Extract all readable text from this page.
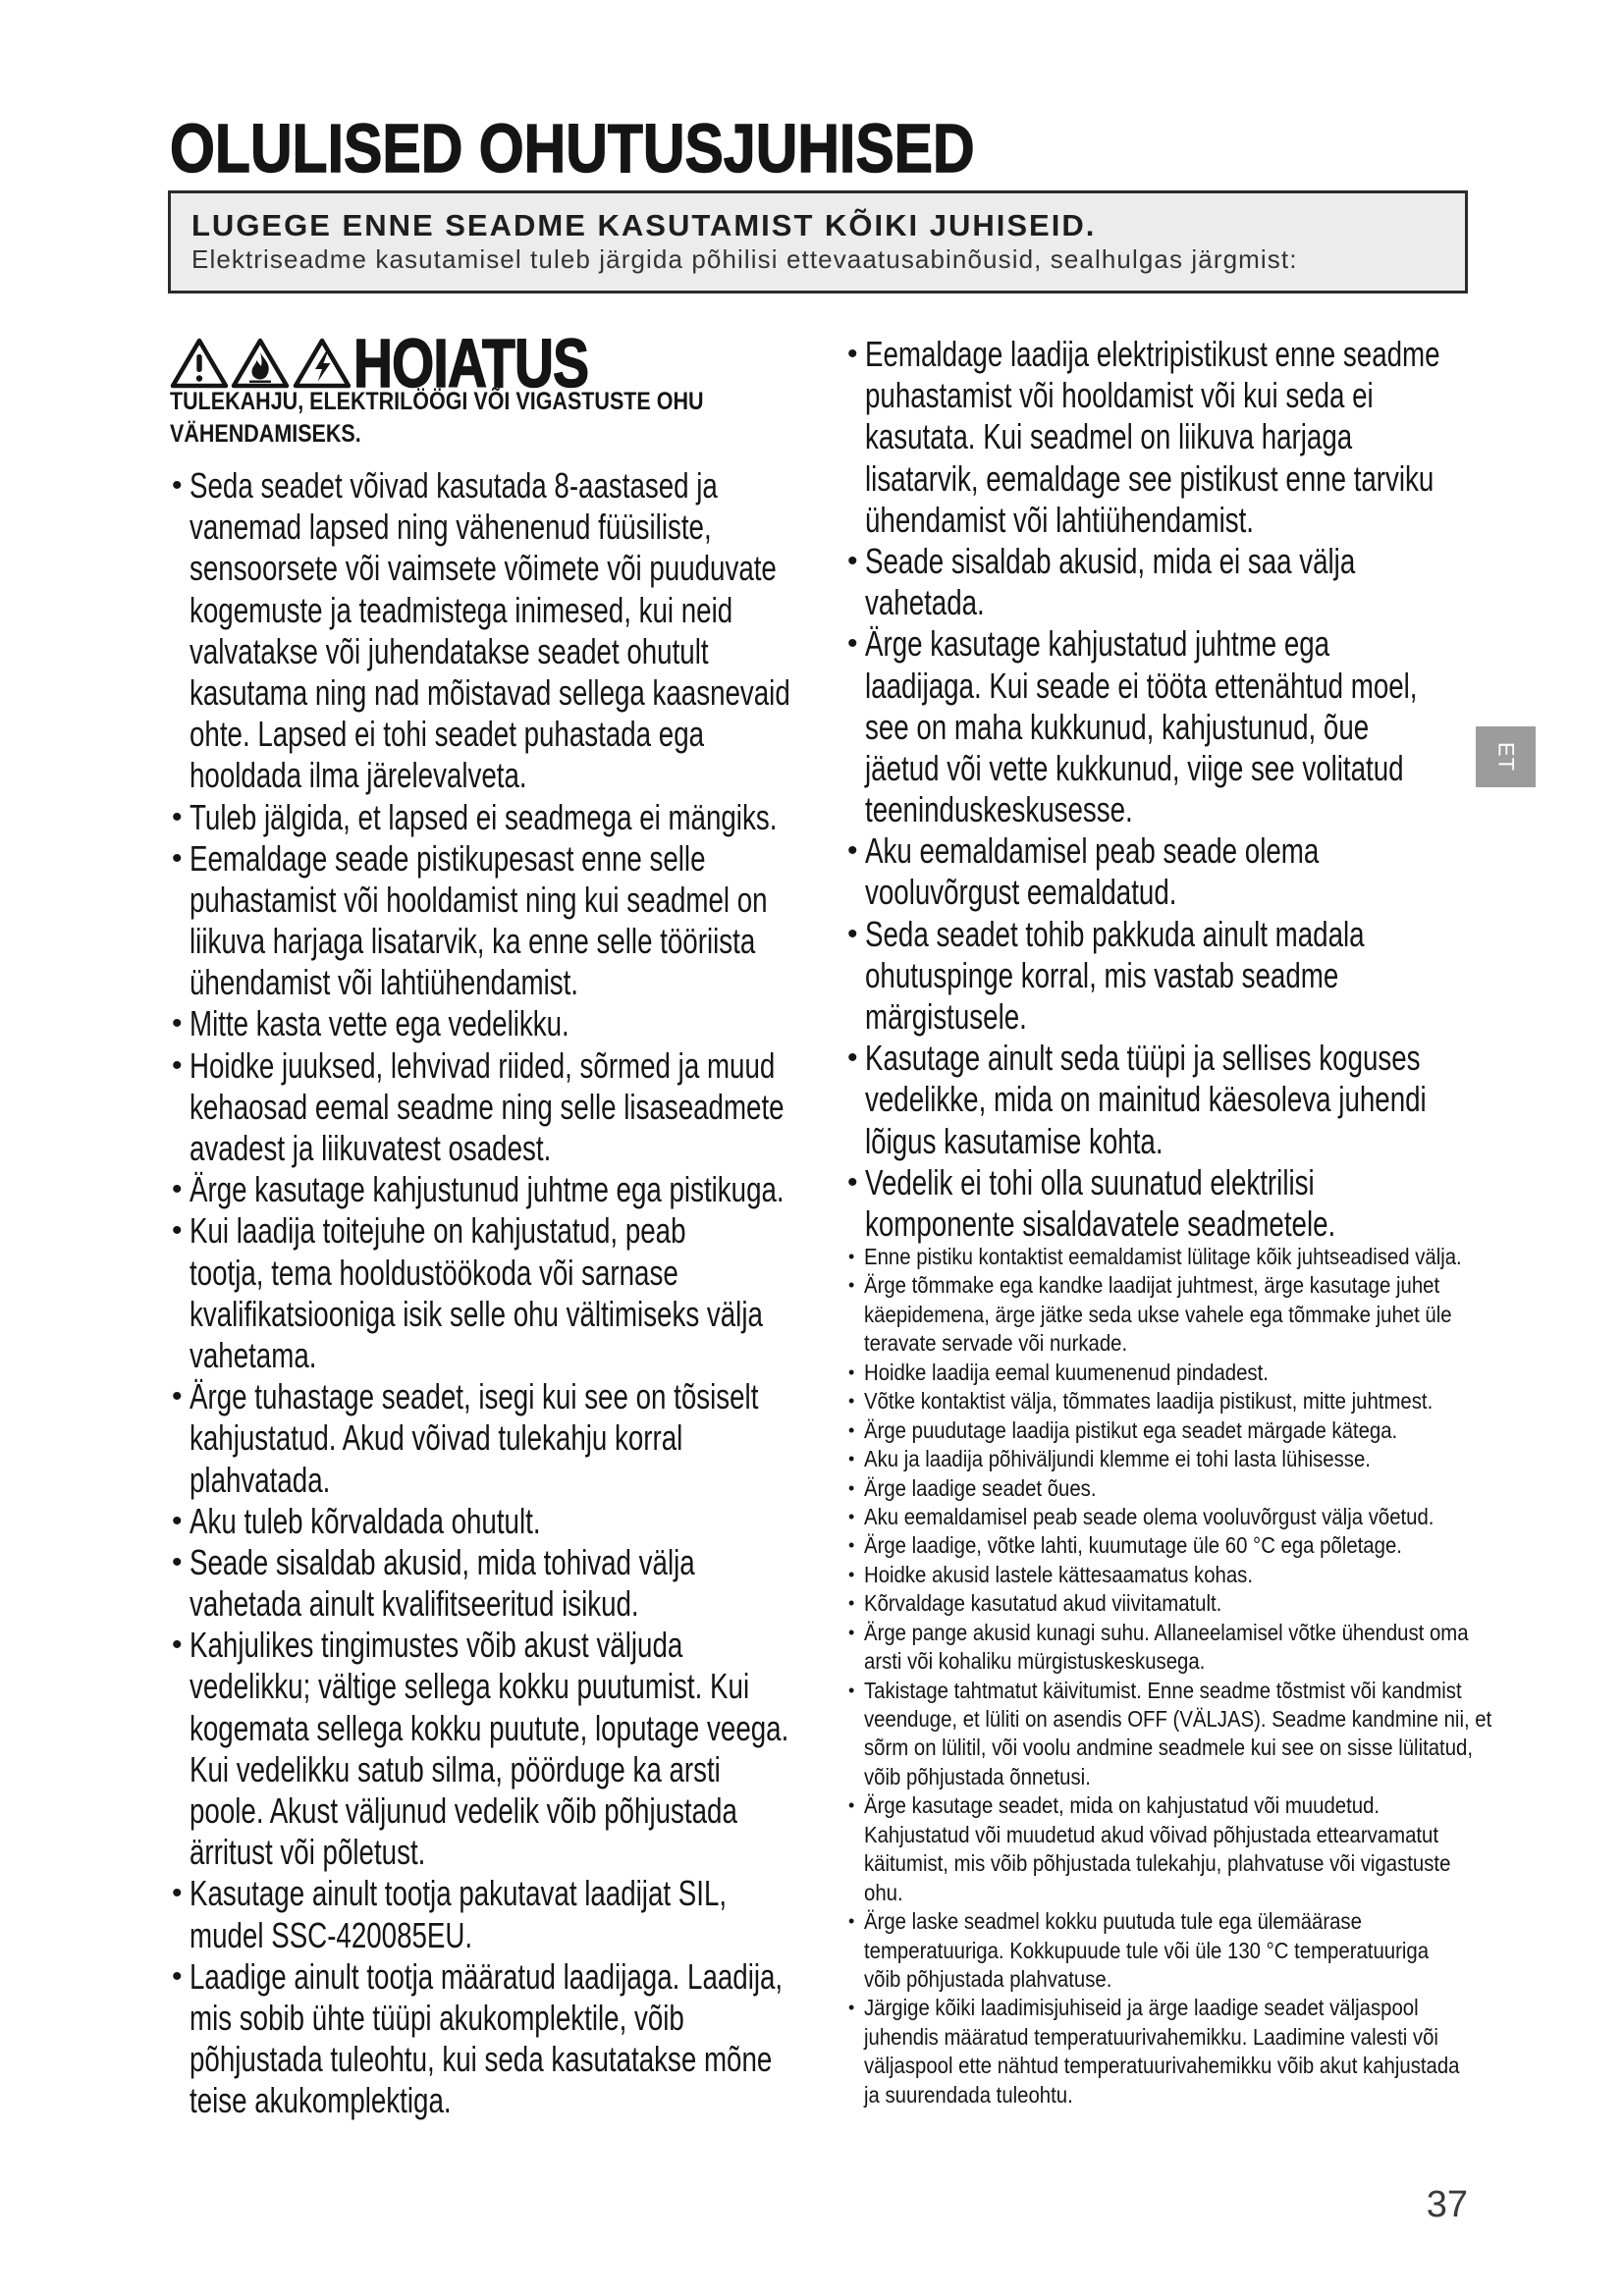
OLULISED OHUTUSJUHISED
LUGEGE ENNE SEADME KASUTAMIST KÕIKI JUHISEID.
Elektriseadme kasutamisel tuleb järgida põhilisi ettevaatusabinõusid, sealhulgas järgmist:
HOIATUS
TULEKAHJU, ELEKTRILÖÖGI VÕI VIGASTUSTE OHU
VÄHENDAMISEKS.
• Seda seadet võivad kasutada 8-aastased ja
vanemad lapsed ning vähenenud füüsiliste,
sensoorsete või vaimsete võimete või puuduvate
kogemuste ja teadmistega inimesed, kui neid
valvatakse või juhendatakse seadet ohutult
kasutama ning nad mõistavad sellega kaasnevaid
ohte. Lapsed ei tohi seadet puhastada ega
hooldada ilma järelevalveta.
• Tuleb jälgida, et lapsed ei seadmega ei mängiks.
• Eemaldage seade pistikupesast enne selle
puhastamist või hooldamist ning kui seadmel on
liikuva harjaga lisatarvik, ka enne selle tööriista
ühendamist või lahtiühendamist.
• Mitte kasta vette ega vedelikku.
• Hoidke juuksed, lehvivad riided, sõrmed ja muud
kehaosad eemal seadme ning selle lisaseadmete
avadest ja liikuvatest osadest.
• Ärge kasutage kahjustunud juhtme ega pistikuga.
• Kui laadija toitejuhe on kahjustatud, peab
tootja, tema hooldustöökoda või sarnase
kvalifikatsiooniga isik selle ohu vältimiseks välja
vahetama.
• Ärge tuhastage seadet, isegi kui see on tõsiselt
kahjustatud. Akud võivad tulekahju korral
plahvatada.
• Aku tuleb kõrvaldada ohutult.
• Seade sisaldab akusid, mida tohivad välja
vahetada ainult kvalifitseeritud isikud.
• Kahjulikes tingimustes võib akust väljuda
vedelikku; vältige sellega kokku puutumist. Kui
kogemata sellega kokku puutute, loputage veega.
Kui vedelikku satub silma, pöörduge ka arsti
poole. Akust väljunud vedelik võib põhjustada
ärritust või põletust.
• Kasutage ainult tootja pakutavat laadijat SIL,
mudel SSC-420085EU.
• Laadige ainult tootja määratud laadijaga. Laadija,
mis sobib ühte tüüpi akukomplektile, võib
põhjustada tuleohtu, kui seda kasutatakse mõne
teise akukomplektiga.
• Eemaldage laadija elektripistikust enne seadme
puhastamist või hooldamist või kui seda ei
kasutata. Kui seadmel on liikuva harjaga
lisatarvik, eemaldage see pistikust enne tarviku
ühendamist või lahtiühendamist.
• Seade sisaldab akusid, mida ei saa välja
vahetada.
• Ärge kasutage kahjustatud juhtme ega
laadijaga. Kui seade ei tööta ettenähtud moel,
see on maha kukkunud, kahjustunud, õue
jäetud või vette kukkunud, viige see volitatud
teeninduskeskusesse.
• Aku eemaldamisel peab seade olema
vooluvõrgust eemaldatud.
• Seda seadet tohib pakkuda ainult madala
ohutuspinge korral, mis vastab seadme
märgistusele.
• Kasutage ainult seda tüüpi ja sellises koguses
vedelikke, mida on mainitud käesoleva juhendi
lõigus kasutamise kohta.
• Vedelik ei tohi olla suunatud elektrilisi
komponente sisaldavatele seadmetele.
• Enne pistiku kontaktist eemaldamist lülitage kõik juhtseadised välja.
• Ärge tõmmake ega kandke laadijat juhtmest, ärge kasutage juhet
käepidemena, ärge jätke seda ukse vahele ega tõmmake juhet üle
teravate servade või nurkade.
• Hoidke laadija eemal kuumenenud pindadest.
• Võtke kontaktist välja, tõmmates laadija pistikust, mitte juhtmest.
• Ärge puudutage laadija pistikut ega seadet märgade kätega.
• Aku ja laadija põhiväljundi klemme ei tohi lasta lühisesse.
• Ärge laadige seadet õues.
• Aku eemaldamisel peab seade olema vooluvõrgust välja võetud.
• Ärge laadige, võtke lahti, kuumutage üle 60 °C ega põletage.
• Hoidke akusid lastele kättesaamatus kohas.
• Kõrvaldage kasutatud akud viivitamatult.
• Ärge pange akusid kunagi suhu. Allaneelamisel võtke ühendust oma
arsti või kohaliku mürgistuskeskusega.
• Takistage tahtmatut käivitumist. Enne seadme tõstmist või kandmist
veenduge, et lüliti on asendis OFF (VÄLJAS). Seadme kandmine nii, et
sõrm on lülitil, või voolu andmine seadmele kui see on sisse lülitatud,
võib põhjustada õnnetusi.
• Ärge kasutage seadet, mida on kahjustatud või muudetud.
Kahjustatud või muudetud akud võivad põhjustada ettearvamatut
käitumist, mis võib põhjustada tulekahju, plahvatuse või vigastuste
ohu.
• Ärge laske seadmel kokku puutuda tule ega ülemäärase
temperatuuriga. Kokkupuude tule või üle 130 °C temperatuuriga
võib põhjustada plahvatuse.
• Järgige kõiki laadimisjuhiseid ja ärge laadige seadet väljaspool
juhendis määratud temperatuurivahemikku. Laadimine valesti või
väljaspool ette nähtud temperatuurivahemikku võib akut kahjustada
ja suurendada tuleohtu.
ET
37
